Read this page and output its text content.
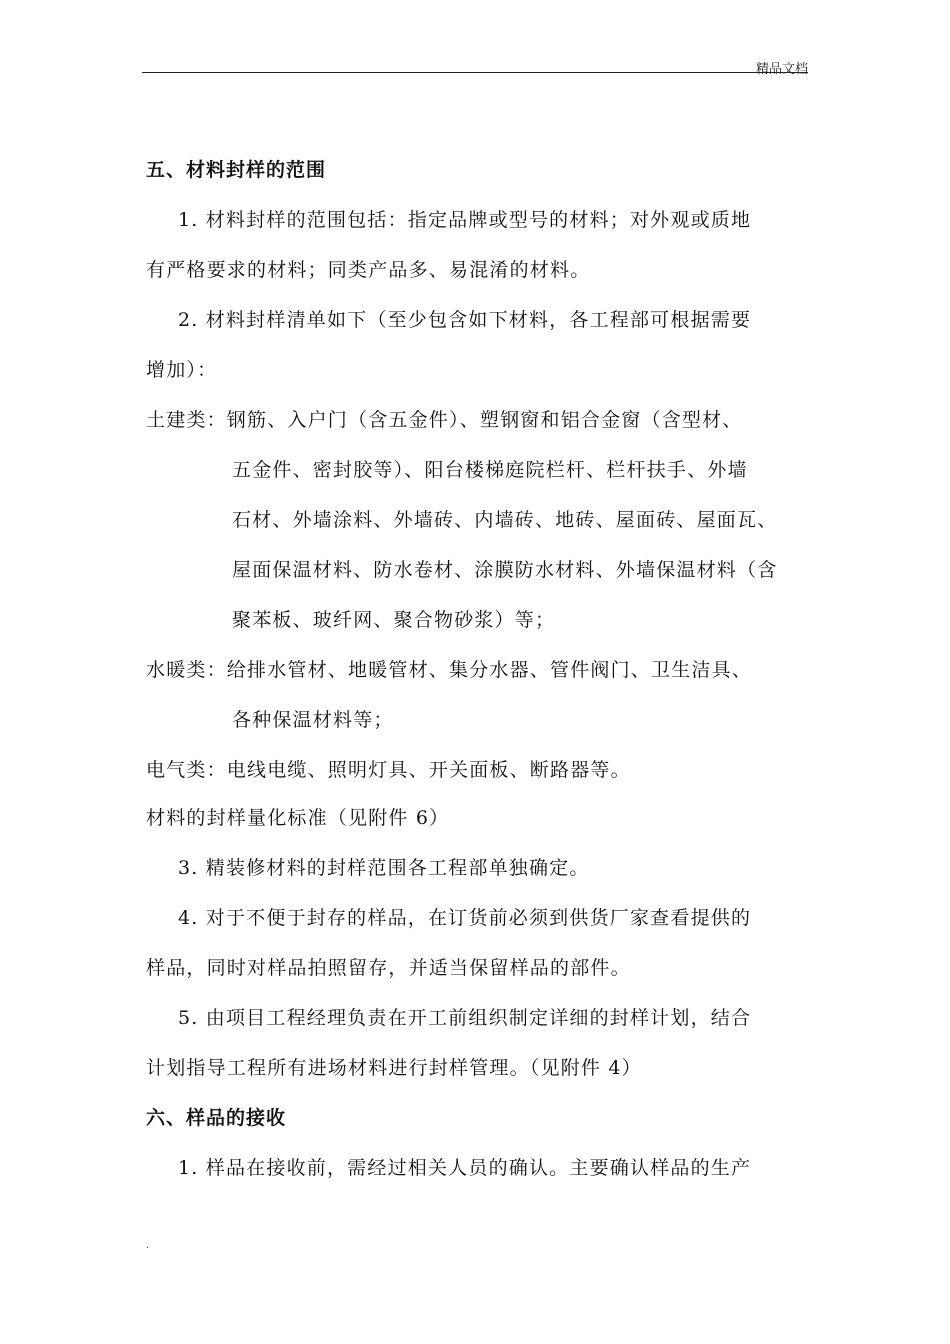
精品文档
五、材料封样的范围
1. 材料封样的范围包括：指定品牌或型号的材料；对外观或质地
有严格要求的材料；同类产品多、易混淆的材料。
2. 材料封样清单如下（至少包含如下材料，各工程部可根据需要
增加）：
土建类：钢筋、入户门（含五金件）、塑钢窗和铝合金窗（含型材、
五金件、密封胶等）、阳台楼梯庭院栏杆、栏杆扶手、外墙
石材、外墙涂料、外墙砖、内墙砖、地砖、屋面砖、屋面瓦、
屋面保温材料、防水卷材、涂膜防水材料、外墙保温材料（含
聚苯板、玻纤网、聚合物砂浆）等；
水暖类：给排水管材、地暖管材、集分水器、管件阀门、卫生洁具、
各种保温材料等；
电气类：电线电缆、照明灯具、开关面板、断路器等。
材料的封样量化标准（见附件 6）
3. 精装修材料的封样范围各工程部单独确定。
4. 对于不便于封存的样品，在订货前必须到供货厂家查看提供的
样品，同时对样品拍照留存，并适当保留样品的部件。
5. 由项目工程经理负责在开工前组织制定详细的封样计划，结合
计划指导工程所有进场材料进行封样管理。（见附件 4）
六、样品的接收
1. 样品在接收前，需经过相关人员的确认。主要确认样品的生产
.
